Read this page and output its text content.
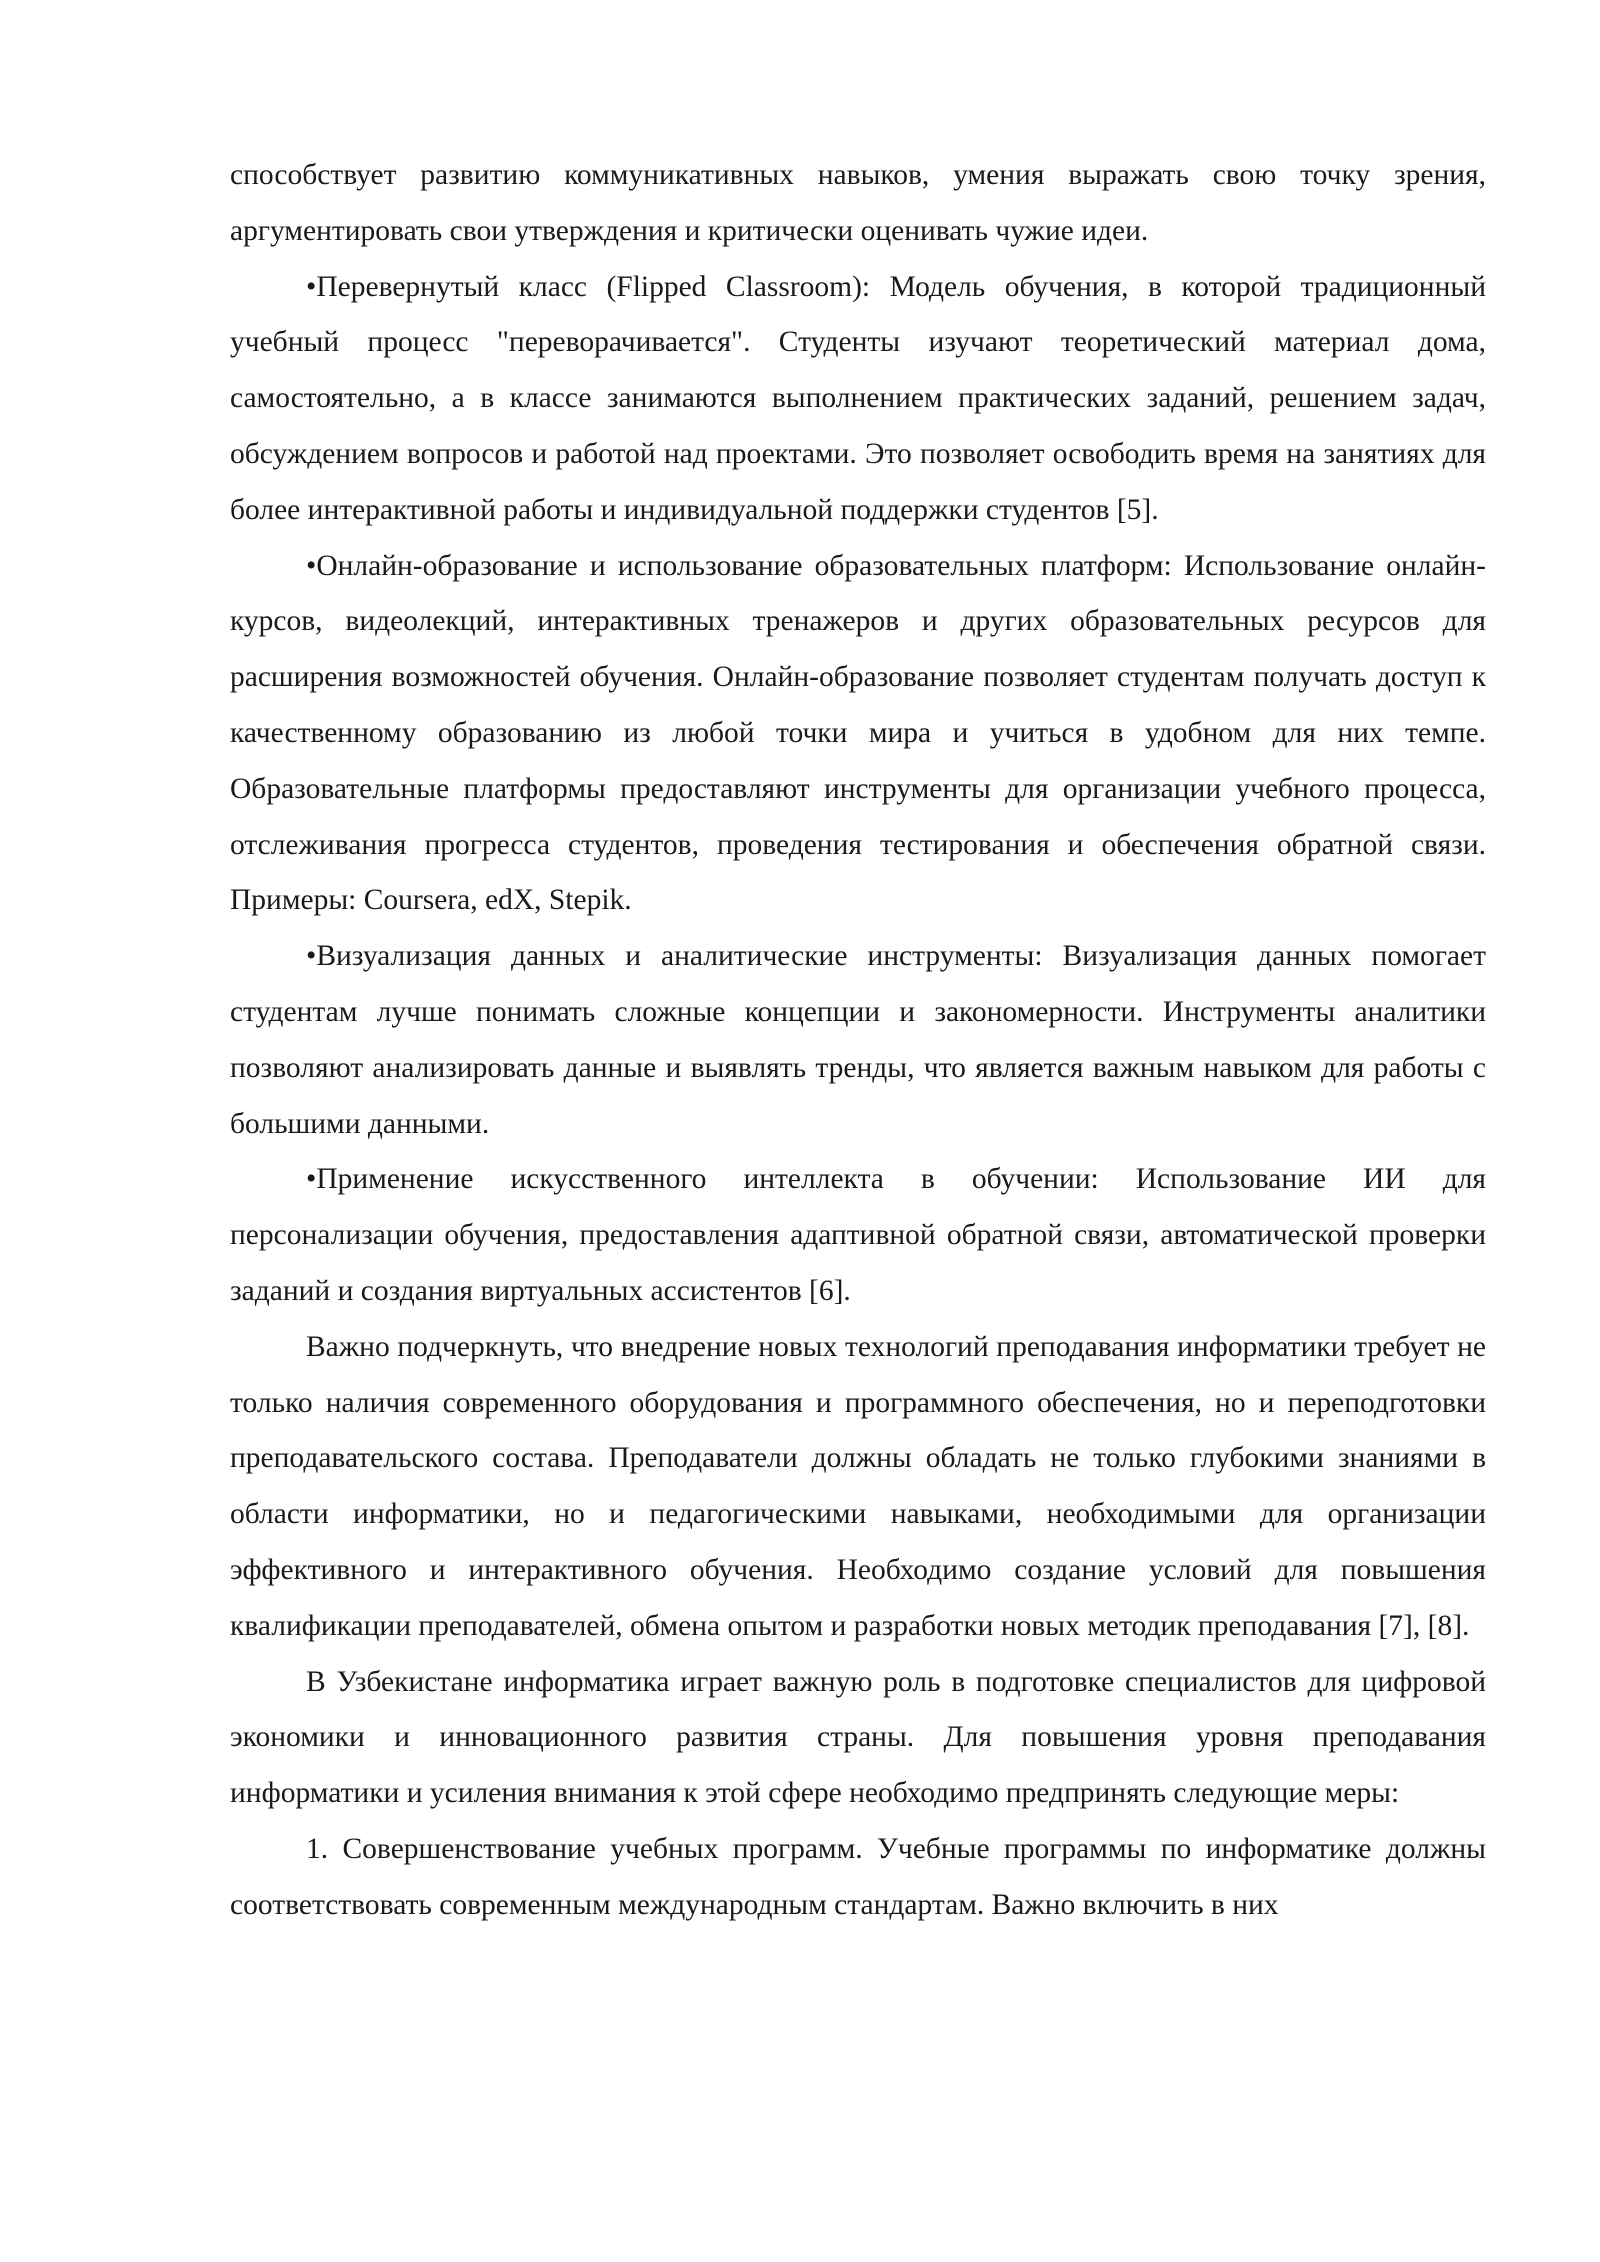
способствует развитию коммуникативных навыков, умения выражать свою точку зрения, аргументировать свои утверждения и критически оценивать чужие идеи.

•Перевернутый класс (Flipped Classroom): Модель обучения, в которой традиционный учебный процесс "переворачивается". Студенты изучают теоретический материал дома, самостоятельно, а в классе занимаются выполнением практических заданий, решением задач, обсуждением вопросов и работой над проектами. Это позволяет освободить время на занятиях для более интерактивной работы и индивидуальной поддержки студентов [5].

•Онлайн-образование и использование образовательных платформ: Использование онлайн-курсов, видеолекций, интерактивных тренажеров и других образовательных ресурсов для расширения возможностей обучения. Онлайн-образование позволяет студентам получать доступ к качественному образованию из любой точки мира и учиться в удобном для них темпе. Образовательные платформы предоставляют инструменты для организации учебного процесса, отслеживания прогресса студентов, проведения тестирования и обеспечения обратной связи. Примеры: Coursera, edX, Stepik.

•Визуализация данных и аналитические инструменты: Визуализация данных помогает студентам лучше понимать сложные концепции и закономерности. Инструменты аналитики позволяют анализировать данные и выявлять тренды, что является важным навыком для работы с большими данными.

•Применение искусственного интеллекта в обучении: Использование ИИ для персонализации обучения, предоставления адаптивной обратной связи, автоматической проверки заданий и создания виртуальных ассистентов [6].

Важно подчеркнуть, что внедрение новых технологий преподавания информатики требует не только наличия современного оборудования и программного обеспечения, но и переподготовки преподавательского состава. Преподаватели должны обладать не только глубокими знаниями в области информатики, но и педагогическими навыками, необходимыми для организации эффективного и интерактивного обучения. Необходимо создание условий для повышения квалификации преподавателей, обмена опытом и разработки новых методик преподавания [7], [8].

В Узбекистане информатика играет важную роль в подготовке специалистов для цифровой экономики и инновационного развития страны. Для повышения уровня преподавания информатики и усиления внимания к этой сфере необходимо предпринять следующие меры:

1. Совершенствование учебных программ. Учебные программы по информатике должны соответствовать современным международным стандартам. Важно включить в них
